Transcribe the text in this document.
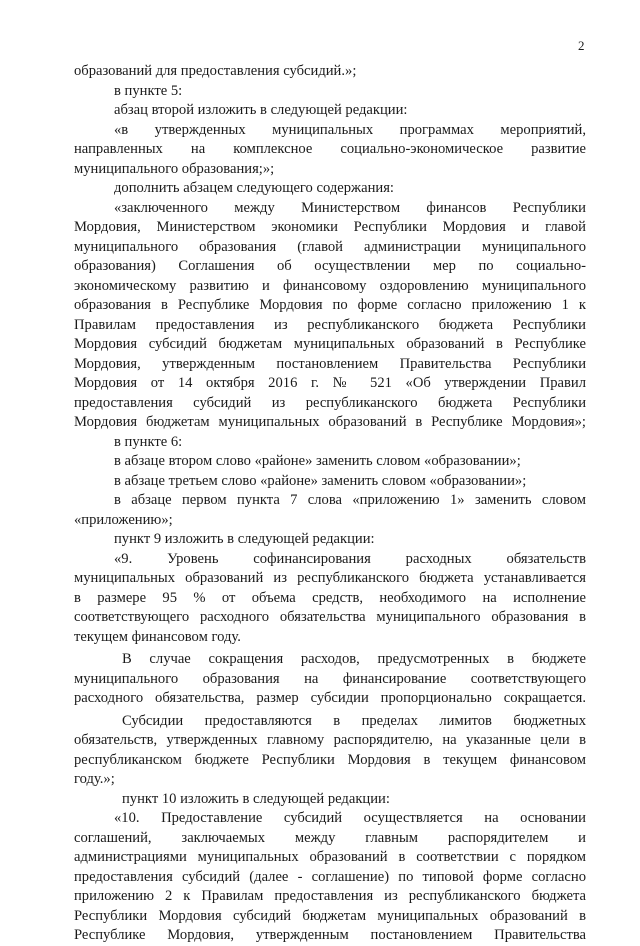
2
образований для предоставления субсидий.»;
в пункте 5:
абзац второй изложить в следующей редакции:
«в утвержденных муниципальных программах мероприятий,
направленных на комплексное социально-экономическое развитие
муниципального образования;»;
дополнить абзацем следующего содержания:
«заключенного между Министерством финансов Республики
Мордовия, Министерством экономики Республики Мордовия и главой
муниципального образования (главой администрации муниципального
образования) Соглашения об осуществлении мер по социально-
экономическому развитию и финансовому оздоровлению муниципального
образования в Республике Мордовия по форме согласно приложению 1 к
Правилам предоставления из республиканского бюджета Республики
Мордовия субсидий бюджетам муниципальных образований в Республике
Мордовия, утвержденным постановлением Правительства Республики
Мордовия от 14 октября 2016 г. № 521 «Об утверждении Правил
предоставления субсидий из республиканского бюджета Республики
Мордовия бюджетам муниципальных образований в Республике Мордовия»;
в пункте 6:
в абзаце втором слово «районе» заменить словом «образовании»;
в абзаце третьем слово «районе» заменить словом «образовании»;
в абзаце первом пункта 7 слова «приложению 1» заменить словом
«приложению»;
пункт 9 изложить в следующей редакции:
«9. Уровень софинансирования расходных обязательств
муниципальных образований из республиканского бюджета устанавливается
в размере 95 % от объема средств, необходимого на исполнение
соответствующего расходного обязательства муниципального образования в
текущем финансовом году.
В случае сокращения расходов, предусмотренных в бюджете
муниципального образования на финансирование соответствующего
расходного обязательства, размер субсидии пропорционально сокращается.
Субсидии предоставляются в пределах лимитов бюджетных
обязательств, утвержденных главному распорядителю, на указанные цели в
республиканском бюджете Республики Мордовия в текущем финансовом
году.»;
пункт 10 изложить в следующей редакции:
«10. Предоставление субсидий осуществляется на основании
соглашений, заключаемых между главным распорядителем и
администрациями муниципальных образований в соответствии с порядком
предоставления субсидий (далее - соглашение) по типовой форме согласно
приложению 2 к Правилам предоставления из республиканского бюджета
Республики Мордовия субсидий бюджетам муниципальных образований в
Республике Мордовия, утвержденным постановлением Правительства
